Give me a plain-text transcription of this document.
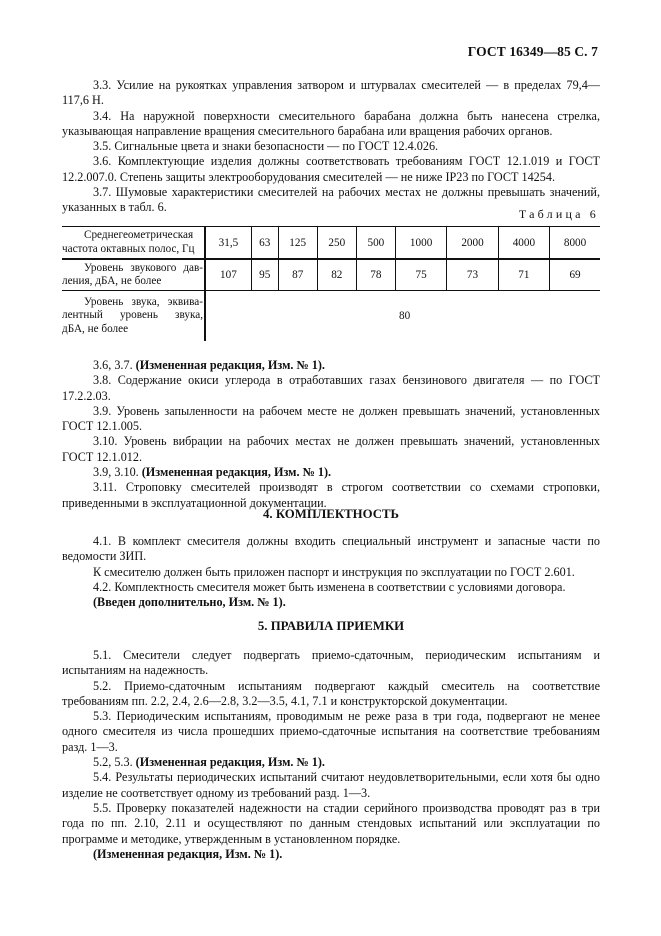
ГОСТ 16349—85 С. 7

3.3. Усилие на рукоятках управления затвором и штурвалах смесителей — в пределах 79,4—117,6 Н.

3.4. На наружной поверхности смесительного барабана должна быть нанесена стрелка, указывающая направление вращения смесительного барабана или вращения рабочих органов.

3.5. Сигнальные цвета и знаки безопасности — по ГОСТ 12.4.026.

3.6. Комплектующие изделия должны соответствовать требованиям ГОСТ 12.1.019 и ГОСТ 12.2.007.0. Степень защиты электрооборудования смесителей — не ниже IP23 по ГОСТ 14254.

3.7. Шумовые характеристики смесителей на рабочих местах не должны превышать значений, указанных в табл. 6.	Таблица 6
Среднегеометрическая
частота октавных полос, Гц	31,5	63	125	250	500	1000	2000	4000	8000

Уровень звукового дав-
ления, дБА, не более	107	95	87	82	78	75	73	71	69

Уровень звука, эквива-
лентный уровень звука,
дБА, не более	80								

3.6, 3.7. (Измененная редакция, Изм. № 1).

3.8. Содержание окиси углерода в отработавших газах бензинового двигателя — по ГОСТ 17.2.2.03.

3.9. Уровень запыленности на рабочем месте не должен превышать значений, установленных ГОСТ 12.1.005.

3.10. Уровень вибрации на рабочих местах не должен превышать значений, установленных ГОСТ 12.1.012.

3.9, 3.10. (Измененная редакция, Изм. № 1).

3.11. Строповку смесителей производят в строгом соответствии со схемами строповки, приведенными в эксплуатационной документации.

4. КОМПЛЕКТНОСТЬ

4.1. В комплект смесителя должны входить специальный инструмент и запасные части по ведомости ЗИП.

К смесителю должен быть приложен паспорт и инструкция по эксплуатации по ГОСТ 2.601.

4.2. Комплектность смесителя может быть изменена в соответствии с условиями договора.

(Введен дополнительно, Изм. № 1).

5. ПРАВИЛА ПРИЕМКИ

5.1. Смесители следует подвергать приемо-сдаточным, периодическим испытаниям и испытаниям на надежность.

5.2. Приемо-сдаточным испытаниям подвергают каждый смеситель на соответствие требованиям пп. 2.2, 2.4, 2.6—2.8, 3.2—3.5, 4.1, 7.1 и конструкторской документации.

5.3. Периодическим испытаниям, проводимым не реже раза в три года, подвергают не менее одного смесителя из числа прошедших приемо-сдаточные испытания на соответствие требованиям разд. 1—3.

5.2, 5.3. (Измененная редакция, Изм. № 1).

5.4. Результаты периодических испытаний считают неудовлетворительными, если хотя бы одно изделие не соответствует одному из требований разд. 1—3.

5.5. Проверку показателей надежности на стадии серийного производства проводят раз в три года по пп. 2.10, 2.11 и осуществляют по данным стендовых испытаний или эксплуатации по программе и методике, утвержденным в установленном порядке.

(Измененная редакция, Изм. № 1).
